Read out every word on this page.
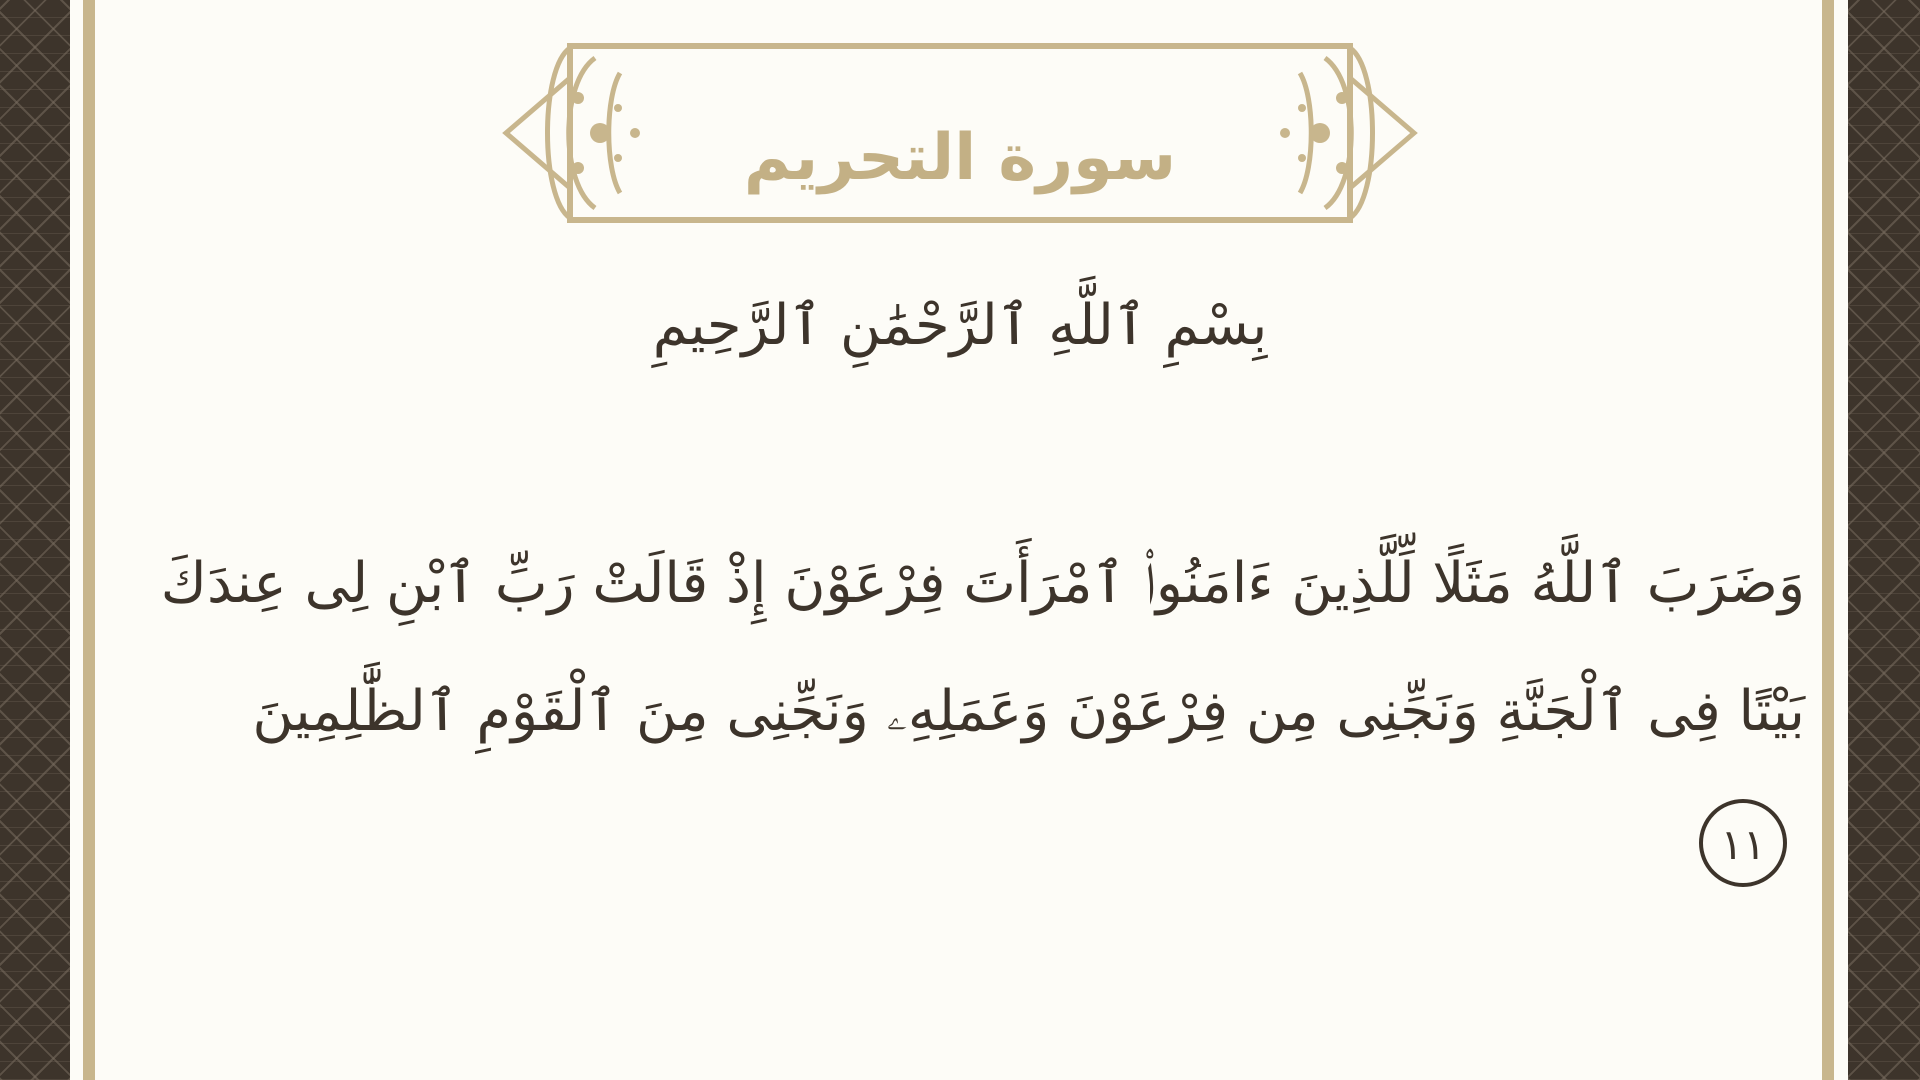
سورة التحريم
بِسْمِ ٱللَّهِ ٱلرَّحْمَٰنِ ٱلرَّحِيمِ
وَضَرَبَ ٱللَّهُ مَثَلًا لِّلَّذِينَ ءَامَنُوا۟ ٱمْرَأَتَ فِرْعَوْنَ إِذْ قَالَتْ رَبِّ ٱبْنِ لِى عِندَكَ بَيْتًا فِى ٱلْجَنَّةِ وَنَجِّنِى مِن فِرْعَوْنَ وَعَمَلِهِۦ وَنَجِّنِى مِنَ ٱلْقَوْمِ ٱلظَّٰلِمِينَ ١١
